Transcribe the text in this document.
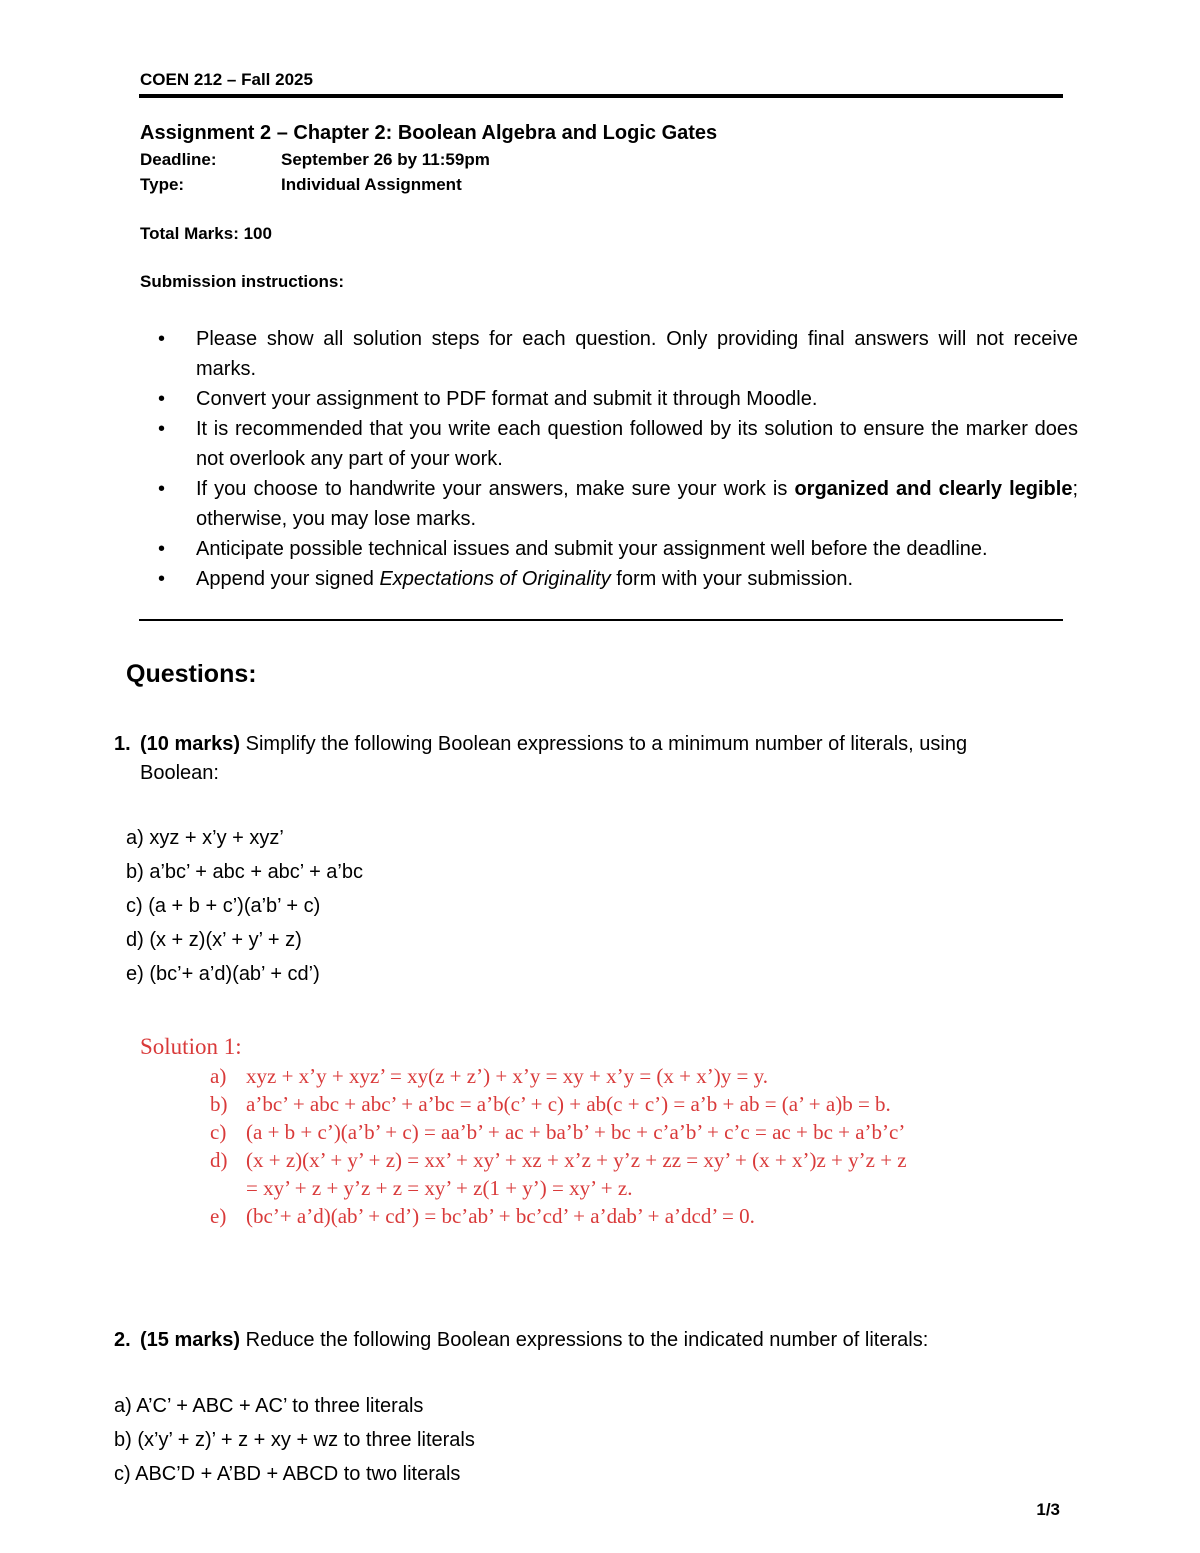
COEN 212 – Fall 2025
Assignment 2 – Chapter 2: Boolean Algebra and Logic Gates
Deadline:	September 26 by 11:59pm
Type:	Individual Assignment
Total Marks: 100
Submission instructions:
•	Please show all solution steps for each question. Only providing final answers will not receive marks.
•	Convert your assignment to PDF format and submit it through Moodle.
•	It is recommended that you write each question followed by its solution to ensure the marker does not overlook any part of your work.
•	If you choose to handwrite your answers, make sure your work is organized and clearly legible; otherwise, you may lose marks.
•	Anticipate possible technical issues and submit your assignment well before the deadline.
•	Append your signed Expectations of Originality form with your submission.
Questions:
1. (10 marks) Simplify the following Boolean expressions to a minimum number of literals, using
Boolean:
a) xyz + x’y + xyz’
b) a’bc’ + abc + abc’ + a’bc
c) (a + b + c’)(a’b’ + c)
d) (x + z)(x’ + y’ + z)
e) (bc’+ a’d)(ab’ + cd’)
Solution 1:
a) xyz + x’y + xyz’ = xy(z + z’) + x’y = xy + x’y = (x + x’)y = y.
b) a’bc’ + abc + abc’ + a’bc = a’b(c’ + c) + ab(c + c’) = a’b + ab = (a’ + a)b = b.
c) (a + b + c’)(a’b’ + c) = aa’b’ + ac + ba’b’ + bc + c’a’b’ + c’c = ac + bc + a’b’c’
d) (x + z)(x’ + y’ + z) = xx’ + xy’ + xz + x’z + y’z + zz = xy’ + (x + x’)z + y’z + z
= xy’ + z + y’z + z = xy’ + z(1 + y’) = xy’ + z.
e) (bc’+ a’d)(ab’ + cd’) = bc’ab’ + bc’cd’ + a’dab’ + a’dcd’ = 0.
2. (15 marks) Reduce the following Boolean expressions to the indicated number of literals:
a) A’C’ + ABC + AC’ to three literals
b) (x’y’ + z)’ + z + xy + wz to three literals
c) ABC’D + A’BD + ABCD to two literals
1/3
